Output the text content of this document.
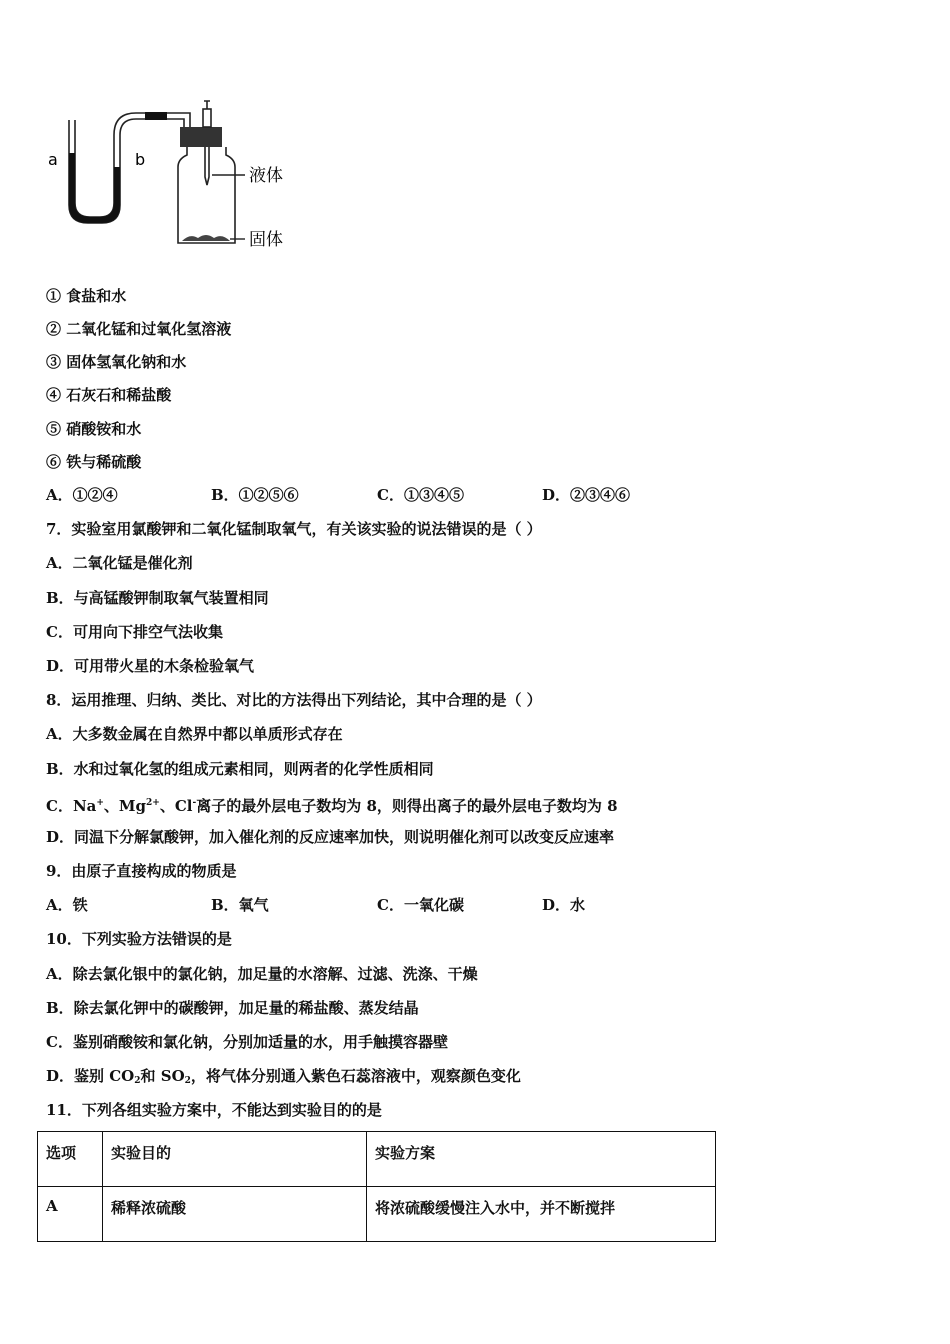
a	b
液体
固体
① 食盐和水
② 二氧化锰和过氧化氢溶液
③ 固体氢氧化钠和水
④ 石灰石和稀盐酸
⑤ 硝酸铵和水
⑥ 铁与稀硫酸
A．①②④	B．①②⑤⑥	C．①③④⑤	D．②③④⑥
7．实验室用氯酸钾和二氧化锰制取氧气，有关该实验的说法错误的是（ ）
A．二氧化锰是催化剂
B．与高锰酸钾制取氧气装置相同
C．可用向下排空气法收集
D．可用带火星的木条检验氧气
8．运用推理、归纳、类比、对比的方法得出下列结论，其中合理的是（ ）
A．大多数金属在自然界中都以单质形式存在
B．水和过氧化氢的组成元素相同，则两者的化学性质相同
C．Na+、$Mg^{2+}$、Cl-离子的最外层电子数均为 8，则得出离子的最外层电子数均为 8
D．同温下分解氯酸钾，加入催化剂的反应速率加快，则说明催化剂可以改变反应速率
9．由原子直接构成的物质是
A．铁	B．氧气	C．一氧化碳	D．水
10．下列实验方法错误的是
A．除去氯化银中的氯化钠，加足量的水溶解、过滤、洗涤、干燥
B．除去氯化钾中的碳酸钾，加足量的稀盐酸、蒸发结晶
C．鉴别硝酸铵和氯化钠，分别加适量的水，用手触摸容器壁
D．鉴别 $CO_2$和 $SO_2$，将气体分别通入紫色石蕊溶液中，观察颜色变化
11．下列各组实验方案中，不能达到实验目的的是
选项	实验目的	实验方案
A	稀释浓硫酸	将浓硫酸缓慢注入水中，并不断搅拌
